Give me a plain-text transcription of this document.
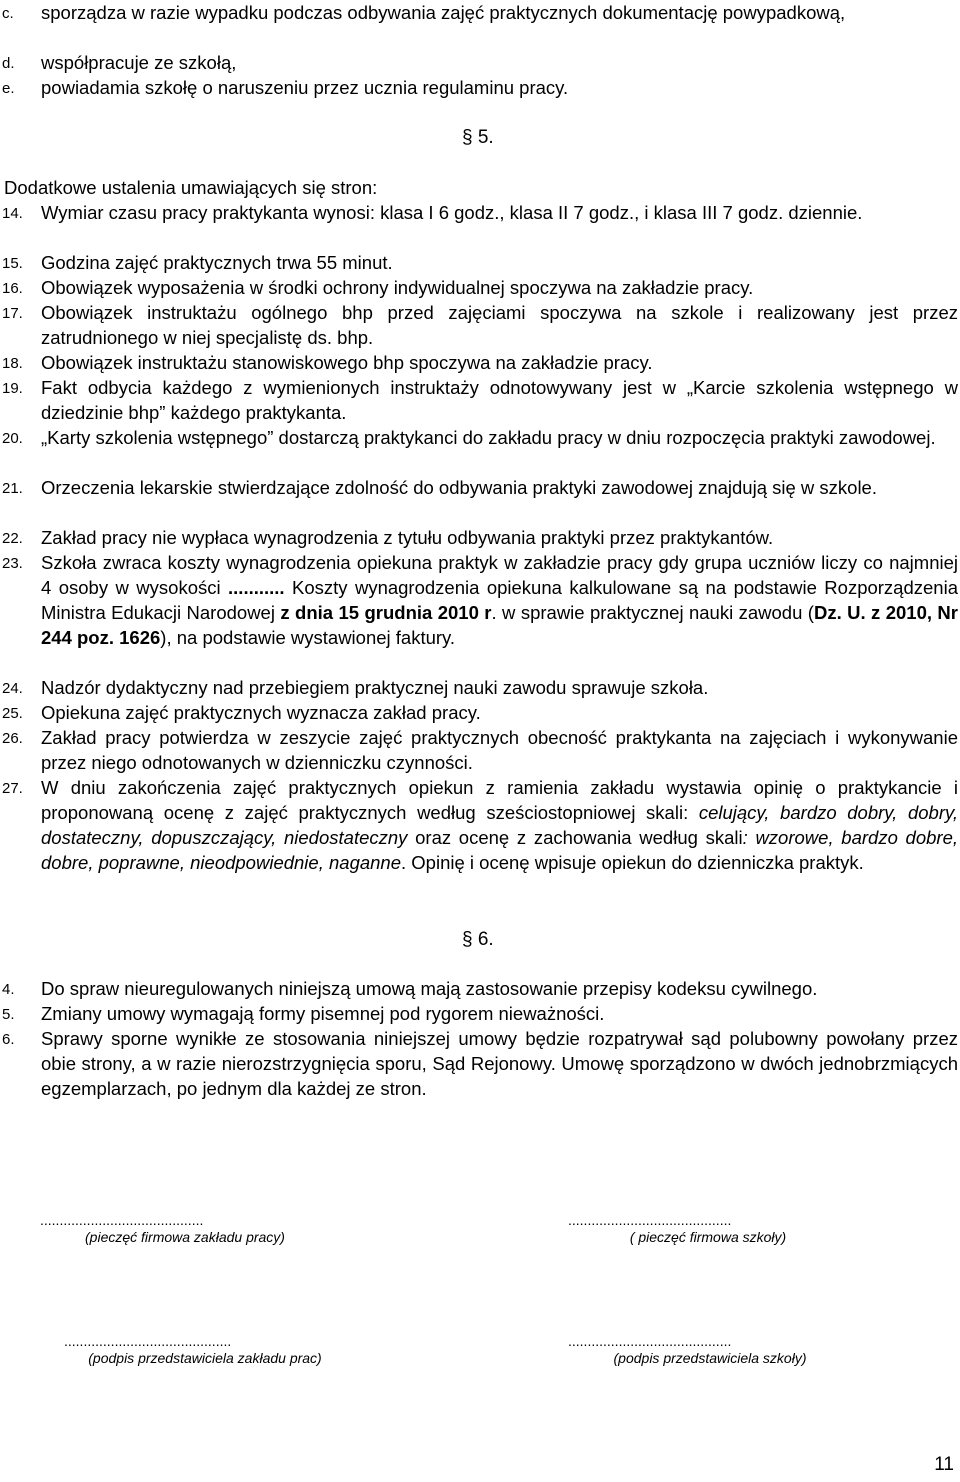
c. sporządza w razie wypadku podczas odbywania zajęć praktycznych dokumentację powypadkową,
d. współpracuje ze szkołą,
e. powiadamia szkołę o naruszeniu przez ucznia regulaminu pracy.
§ 5.
Dodatkowe ustalenia umawiających się stron:
14. Wymiar czasu pracy praktykanta wynosi: klasa I 6 godz., klasa II 7 godz., i klasa III 7 godz. dziennie.
15. Godzina zajęć praktycznych trwa 55 minut.
16. Obowiązek wyposażenia w środki ochrony indywidualnej spoczywa na zakładzie pracy.
17. Obowiązek instruktażu ogólnego bhp przed zajęciami spoczywa na szkole i realizowany jest przez zatrudnionego w niej specjalistę ds. bhp.
18. Obowiązek instruktażu stanowiskowego bhp spoczywa na zakładzie pracy.
19. Fakt odbycia każdego z wymienionych instruktaży odnotowywany jest w „Karcie szkolenia wstępnego w dziedzinie bhp” każdego praktykanta.
20. „Karty szkolenia wstępnego” dostarczą praktykanci do zakładu pracy w dniu rozpoczęcia praktyki zawodowej.
21. Orzeczenia lekarskie stwierdzające zdolność do odbywania praktyki zawodowej znajdują się w szkole.
22. Zakład pracy nie wypłaca wynagrodzenia z tytułu odbywania praktyki przez praktykantów.
23. Szkoła zwraca koszty wynagrodzenia opiekuna praktyk w zakładzie pracy gdy grupa uczniów liczy co najmniej 4 osoby w wysokości ........... Koszty wynagrodzenia opiekuna kalkulowane są na podstawie Rozporządzenia Ministra Edukacji Narodowej z dnia 15 grudnia 2010 r. w sprawie praktycznej nauki zawodu (Dz. U. z 2010, Nr 244 poz. 1626), na podstawie wystawionej faktury.
24. Nadzór dydaktyczny nad przebiegiem praktycznej nauki zawodu sprawuje szkoła.
25. Opiekuna zajęć praktycznych wyznacza zakład pracy.
26. Zakład pracy potwierdza w zeszycie zajęć praktycznych obecność praktykanta na zajęciach i wykonywanie przez niego odnotowanych w dzienniczku czynności.
27. W dniu zakończenia zajęć praktycznych opiekun z ramienia zakładu wystawia opinię o praktykancie i proponowaną ocenę z zajęć praktycznych według sześciostopniowej skali: celujący, bardzo dobry, dobry, dostateczny, dopuszczający, niedostateczny oraz ocenę z zachowania według skali: wzorowe, bardzo dobre, dobre, poprawne, nieodpowiednie, naganne. Opinię i ocenę wpisuje opiekun do dzienniczka praktyk.
§ 6.
4. Do spraw nieuregulowanych niniejszą umową mają zastosowanie przepisy kodeksu cywilnego.
5. Zmiany umowy wymagają formy pisemnej pod rygorem nieważności.
6. Sprawy sporne wynikłe ze stosowania niniejszej umowy będzie rozpatrywał sąd polubowny powołany przez obie strony, a w razie nierozstrzygnięcia sporu, Sąd Rejonowy. Umowę sporządzono w dwóch jednobrzmiących egzemplarzach, po jednym dla każdej ze stron.
..........................................
(pieczęć firmowa zakładu pracy)
..........................................
( pieczęć firmowa szkoły)
...........................................
(podpis przedstawiciela zakładu prac)
..........................................
(podpis przedstawiciela szkoły)
11
